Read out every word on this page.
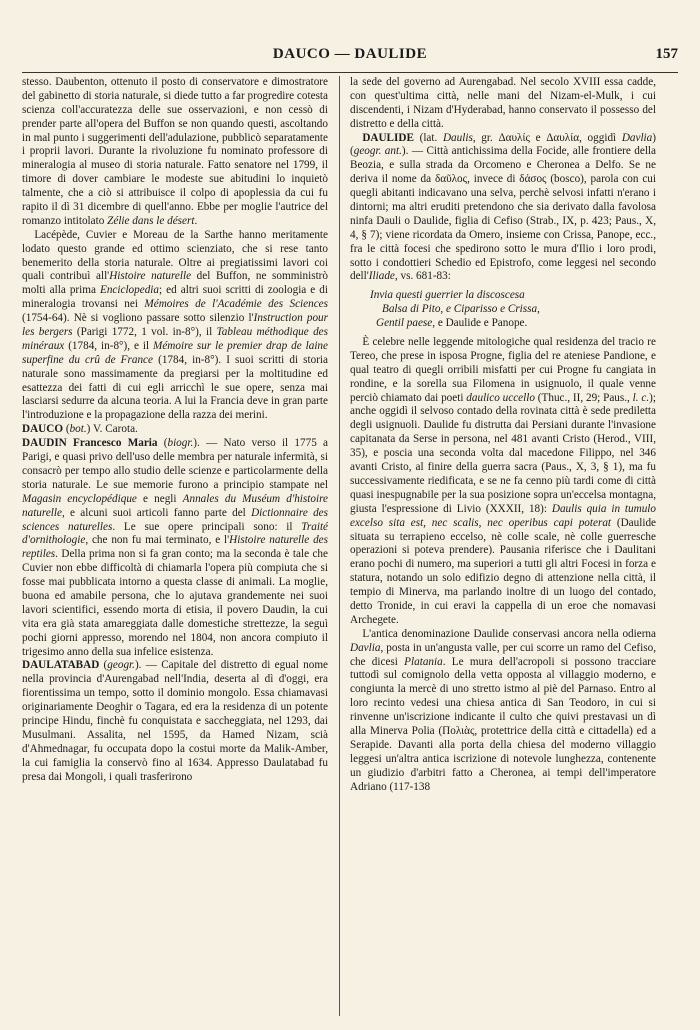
DAUCO — DAULIDE	157

stesso. Daubenton, ottenuto il posto di conservatore e dimostratore del gabinetto di storia naturale, si diede tutto a far progredire cotesta scienza coll'accuratezza delle sue osservazioni, e non cessò di prender parte all'opera del Buffon se non quando questi, ascoltando in mal punto i suggerimenti dell'adulazione, pubblicò separatamente i proprii lavori. Durante la rivoluzione fu nominato professore di mineralogia al museo di storia naturale. Fatto senatore nel 1799, il timore di dover cambiare le modeste sue abitudini lo inquietò talmente, che a ciò si attribuisce il colpo di apoplessia da cui fu rapito il dì 31 dicembre di quell'anno. Ebbe per moglie l'autrice del romanzo intitolato Zélie dans le désert.

Lacépède, Cuvier e Moreau de la Sarthe hanno meritamente lodato questo grande ed ottimo scienziato, che si rese tanto benemerito della storia naturale. Oltre ai pregiatissimi lavori coi quali contribuì all'Histoire naturelle del Buffon, ne somministrò molti alla prima Enciclopedia; ed altri suoi scritti di zoologia e di mineralogia trovansi nei Mémoires de l'Académie des Sciences (1754-64). Nè si vogliono passare sotto silenzio l'Instruction pour les bergers (Parigi 1772, 1 vol. in-8°), il Tableau méthodique des minéraux (1784, in-8°), e il Mémoire sur le premier drap de laine superfine du crû de France (1784, in-8°). I suoi scritti di storia naturale sono massimamente da pregiarsi per la moltitudine ed esattezza dei fatti di cui egli arricchì le sue opere, senza mai lasciarsi sedurre da alcuna teoria. A lui la Francia deve in gran parte l'introduzione e la propagazione della razza dei merini.

DAUCO (bot.) V. Carota.

DAUDIN Francesco Maria (biogr.). — Nato verso il 1775 a Parigi, e quasi privo dell'uso delle membra per naturale infermità, si consacrò per tempo allo studio delle scienze e particolarmente della storia naturale. Le sue memorie furono a principio stampate nel Magasin encyclopédique e negli Annales du Muséum d'histoire naturelle, e alcuni suoi articoli fanno parte del Dictionnaire des sciences naturelles. Le sue opere principali sono: il Traité d'ornithologie, che non fu mai terminato, e l'Histoire naturelle des reptiles. Della prima non si fa gran conto; ma la seconda è tale che Cuvier non ebbe difficoltà di chiamarla l'opera più compiuta che si fosse mai pubblicata intorno a questa classe di animali. La moglie, buona ed amabile persona, che lo ajutava grandemente nei suoi lavori scientifici, essendo morta di etisia, il povero Daudin, la cui vita era già stata amareggiata dalle domestiche strettezze, la seguì pochi giorni appresso, morendo nel 1804, non ancora compiuto il trigesimo anno della sua infelice esistenza.

DAULATABAD (geogr.). — Capitale del distretto di egual nome nella provincia d'Aurengabad nell'India, deserta al dì d'oggi, era fiorentissima un tempo, sotto il dominio mongolo. Essa chiamavasi originariamente Deoghir o Tagara, ed era la residenza di un potente principe Hindu, finchè fu conquistata e saccheggiata, nel 1293, dai Musulmani. Assalita, nel 1595, da Hamed Nizam, scià d'Ahmednagar, fu occupata dopo la costui morte da Malik-Amber, la cui famiglia la conservò fino al 1634. Appresso Daulatabad fu presa dai Mongoli, i quali trasferirono

la sede del governo ad Aurengabad. Nel secolo XVIII essa cadde, con quest'ultima città, nelle mani del Nizam-el-Mulk, i cui discendenti, i Nizam d'Hyderabad, hanno conservato il possesso del distretto e della città.

DAULIDE (lat. Daulis, gr. Δαυλίς e Δαυλία, oggidì Davlia) (geogr. ant.). — Città antichissima della Focide, alle frontiere della Beozia, e sulla strada da Orcomeno e Cheronea a Delfo. Se ne deriva il nome da δαῦλος, invece di δάσος (bosco), parola con cui quegli abitanti indicavano una selva, perchè selvosi infatti n'erano i dintorni; ma altri eruditi pretendono che sia derivato dalla favolosa ninfa Dauli o Daulide, figlia di Cefiso (Strab., IX, p. 423; Paus., X, 4, § 7); viene ricordata da Omero, insieme con Crissa, Panope, ecc., fra le città focesi che spedirono sotto le mura d'Ilio i loro prodi, sotto i condottieri Schedio ed Epistrofo, come leggesi nel secondo dell'Iliade, vs. 681-83:

Invia questi guerrier la discoscesa
Balsa di Pito, e Ciparisso e Crissa,
Gentil paese, e Daulide e Panope.

È celebre nelle leggende mitologiche qual residenza del tracio re Tereo, che prese in isposa Progne, figlia del re ateniese Pandione, e qual teatro di quegli orribili misfatti per cui Progne fu cangiata in rondine, e la sorella sua Filomena in usignuolo, il quale venne perciò chiamato dai poeti daulico uccello (Thuc., II, 29; Paus., l. c.); anche oggidì il selvoso contado della rovinata città è sede prediletta degli usignuoli. Daulide fu distrutta dai Persiani durante l'invasione capitanata da Serse in persona, nel 481 avanti Cristo (Herod., VIII, 35), e poscia una seconda volta dal macedone Filippo, nel 346 avanti Cristo, al finire della guerra sacra (Paus., X, 3, § 1), ma fu successivamente riedificata, e se ne fa cenno più tardi come di città quasi inespugnabile per la sua posizione sopra un'eccelsa montagna, giusta l'espressione di Livio (XXXII, 18): Daulis quia in tumulo excelso sita est, nec scalis, nec operibus capi poterat (Daulide situata su terrapieno eccelso, nè colle scale, nè colle guerresche operazioni si poteva prendere). Pausania riferisce che i Daulitani erano pochi di numero, ma superiori a tutti gli altri Focesi in forza e statura, notando un solo edifizio degno di attenzione nella città, il tempio di Minerva, ma parlando inoltre di un luogo del contado, detto Tronide, in cui eravi la cappella di un eroe che nomavasi Archegete.

L'antica denominazione Daulide conservasi ancora nella odierna Davlia, posta in un'angusta valle, per cui scorre un ramo del Cefiso, che dicesi Platania. Le mura dell'acropoli si possono tracciare tuttodì sul comignolo della vetta opposta al villaggio moderno, e congiunta la mercè di uno stretto istmo al piè del Parnaso. Entro al loro recinto vedesi una chiesa antica di San Teodoro, in cui si rinvenne un'iscrizione indicante il culto che quivi prestavasi un dì alla Minerva Polia (Πολιὰς, protettrice della città e cittadella) ed a Serapide. Davanti alla porta della chiesa del moderno villaggio leggesi un'altra antica iscrizione di notevole lunghezza, contenente un giudizio d'arbitri fatto a Cheronea, ai tempi dell'imperatore Adriano (117-138
